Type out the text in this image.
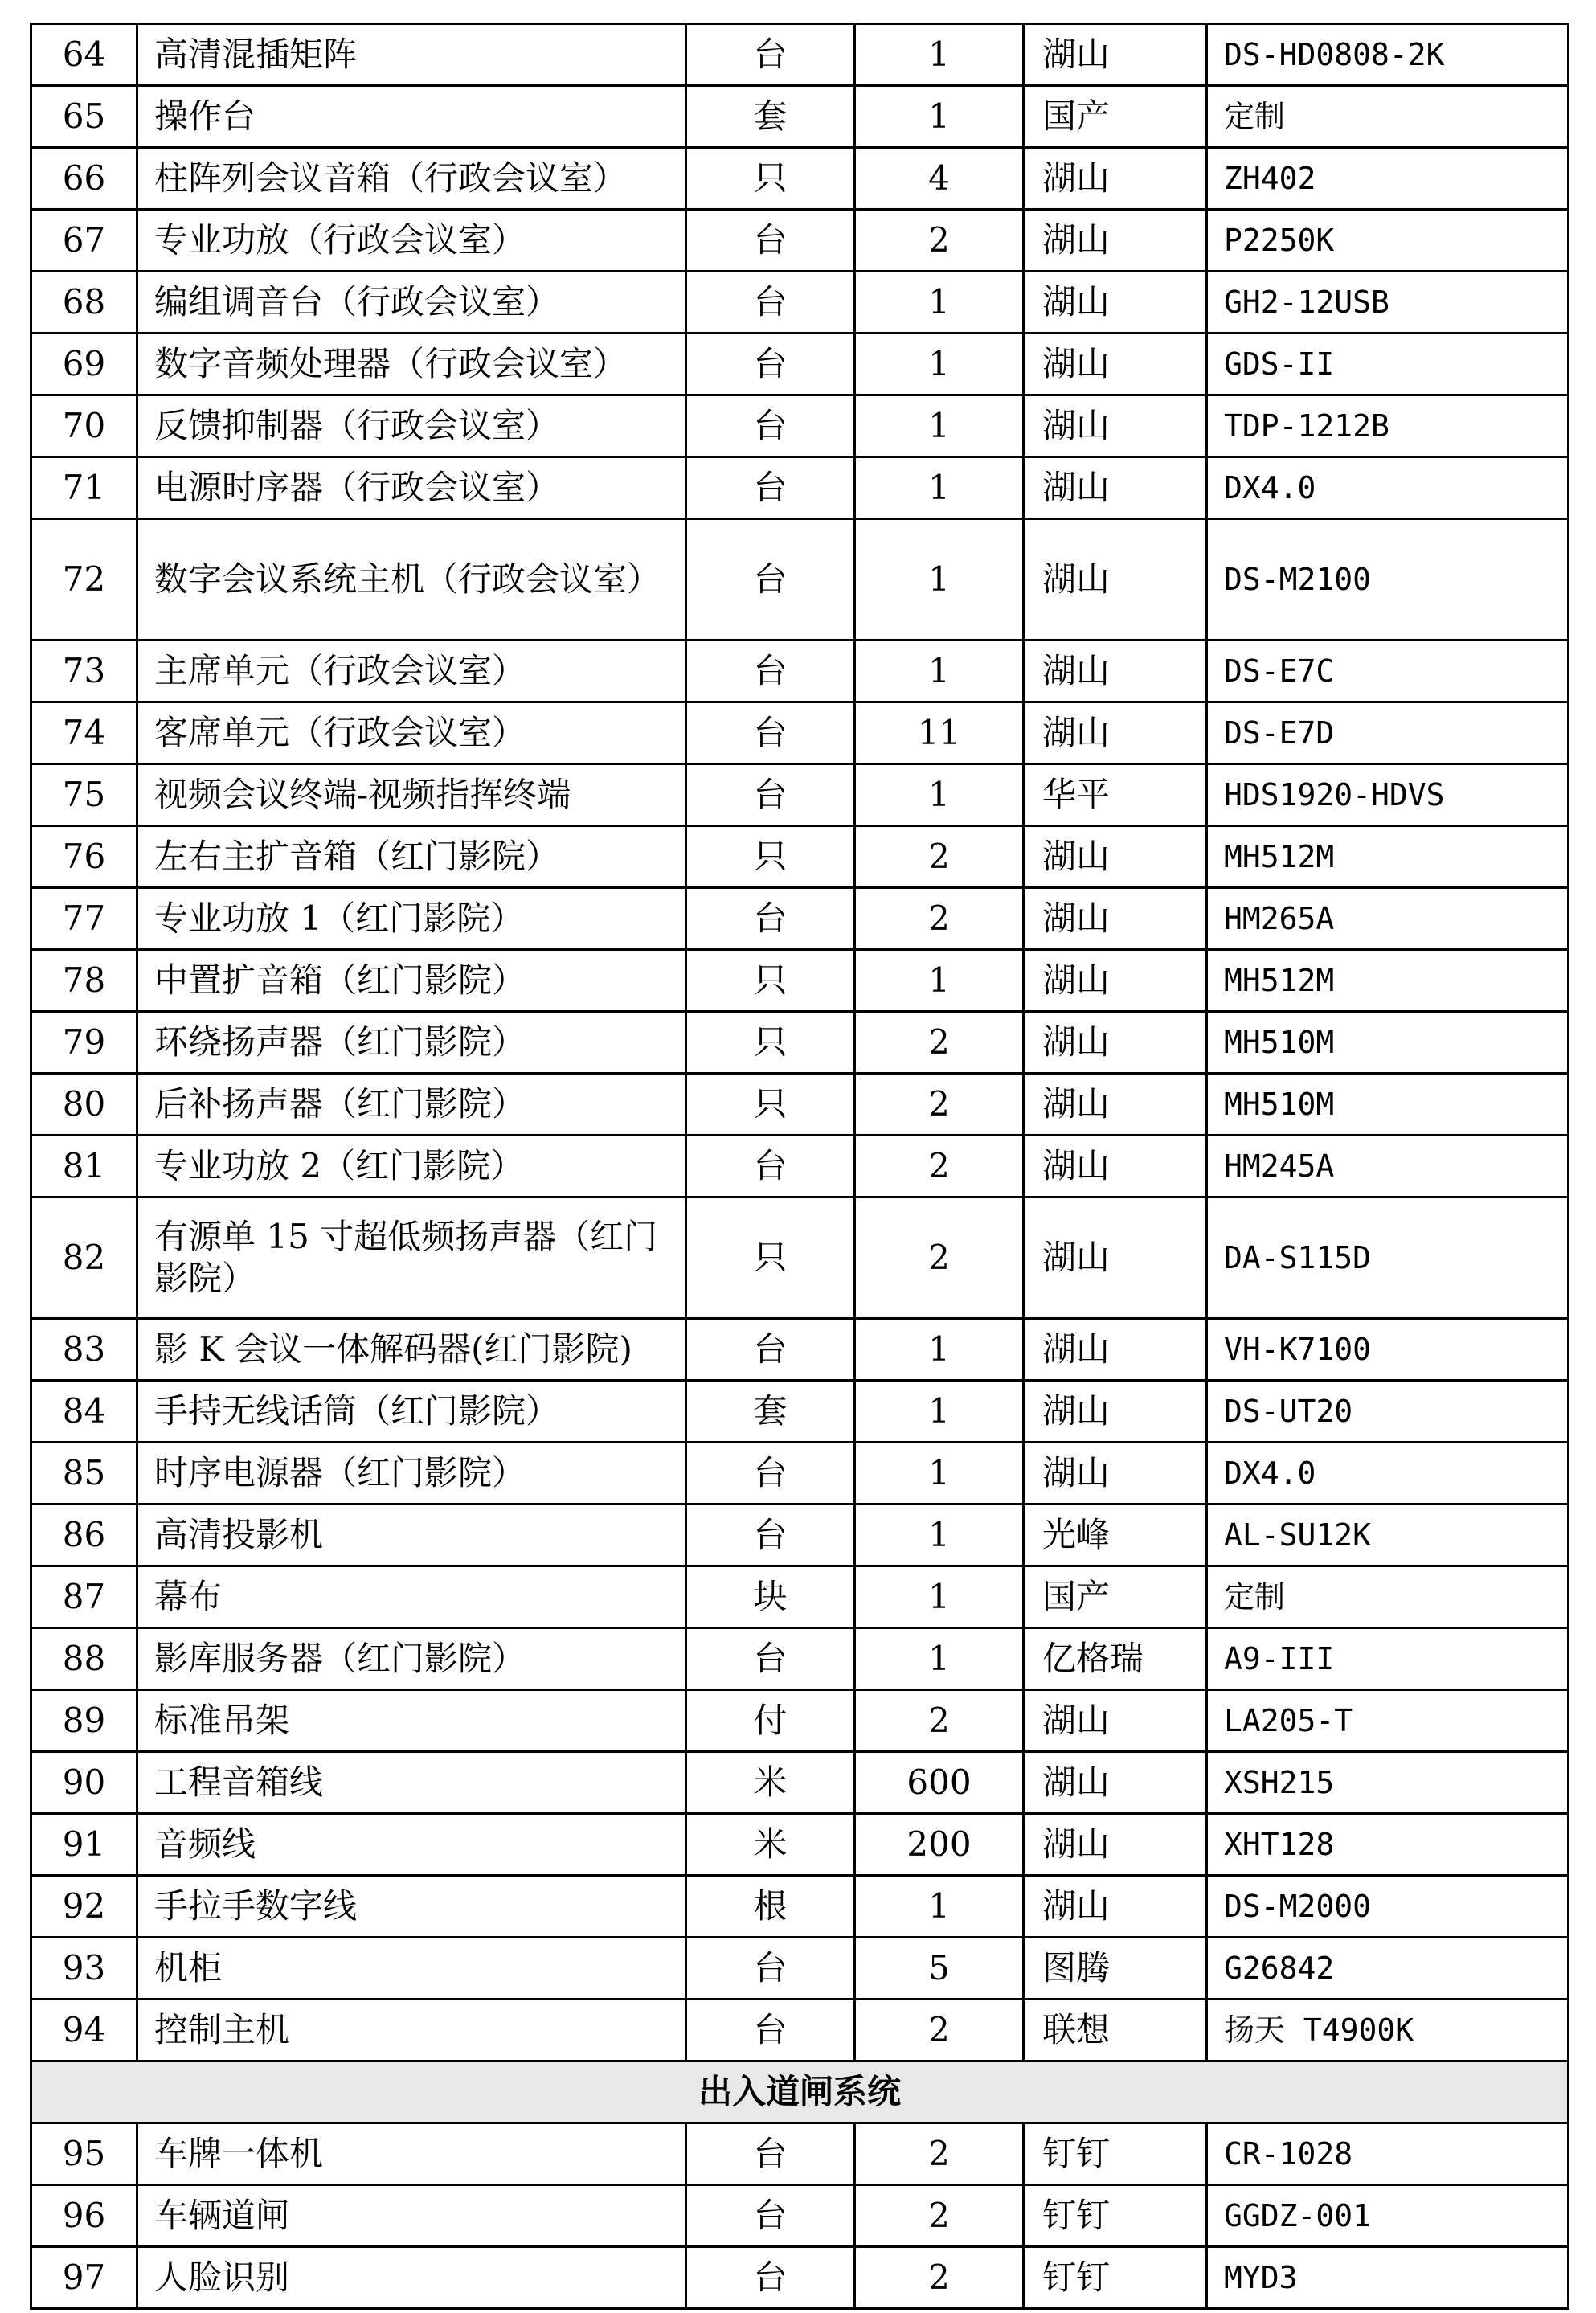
64	高清混插矩阵	台	1	湖山	DS-HD0808-2K
65	操作台	套	1	国产	定制
66	柱阵列会议音箱（行政会议室）	只	4	湖山	ZH402
67	专业功放（行政会议室）	台	2	湖山	P2250K
68	编组调音台（行政会议室）	台	1	湖山	GH2-12USB
69	数字音频处理器（行政会议室）	台	1	湖山	GDS-II
70	反馈抑制器（行政会议室）	台	1	湖山	TDP-1212B
71	电源时序器（行政会议室）	台	1	湖山	DX4.0
72	数字会议系统主机（行政会议室）	台	1	湖山	DS-M2100
73	主席单元（行政会议室）	台	1	湖山	DS-E7C
74	客席单元（行政会议室）	台	11	湖山	DS-E7D
75	视频会议终端-视频指挥终端	台	1	华平	HDS1920-HDVS
76	左右主扩音箱（红门影院）	只	2	湖山	MH512M
77	专业功放 1（红门影院）	台	2	湖山	HM265A
78	中置扩音箱（红门影院）	只	1	湖山	MH512M
79	环绕扬声器（红门影院）	只	2	湖山	MH510M
80	后补扬声器（红门影院）	只	2	湖山	MH510M
81	专业功放 2（红门影院）	台	2	湖山	HM245A
82	有源单 15 寸超低频扬声器（红门影院）	只	2	湖山	DA-S115D
83	影 K 会议一体解码器(红门影院)	台	1	湖山	VH-K7100
84	手持无线话筒（红门影院）	套	1	湖山	DS-UT20
85	时序电源器（红门影院）	台	1	湖山	DX4.0
86	高清投影机	台	1	光峰	AL-SU12K
87	幕布	块	1	国产	定制
88	影库服务器（红门影院）	台	1	亿格瑞	A9-III
89	标准吊架	付	2	湖山	LA205-T
90	工程音箱线	米	600	湖山	XSH215
91	音频线	米	200	湖山	XHT128
92	手拉手数字线	根	1	湖山	DS-M2000
93	机柜	台	5	图腾	G26842
94	控制主机	台	2	联想	扬天 T4900K
出入道闸系统					
95	车牌一体机	台	2	钉钉	CR-1028
96	车辆道闸	台	2	钉钉	GGDZ-001
97	人脸识别	台	2	钉钉	MYD3
